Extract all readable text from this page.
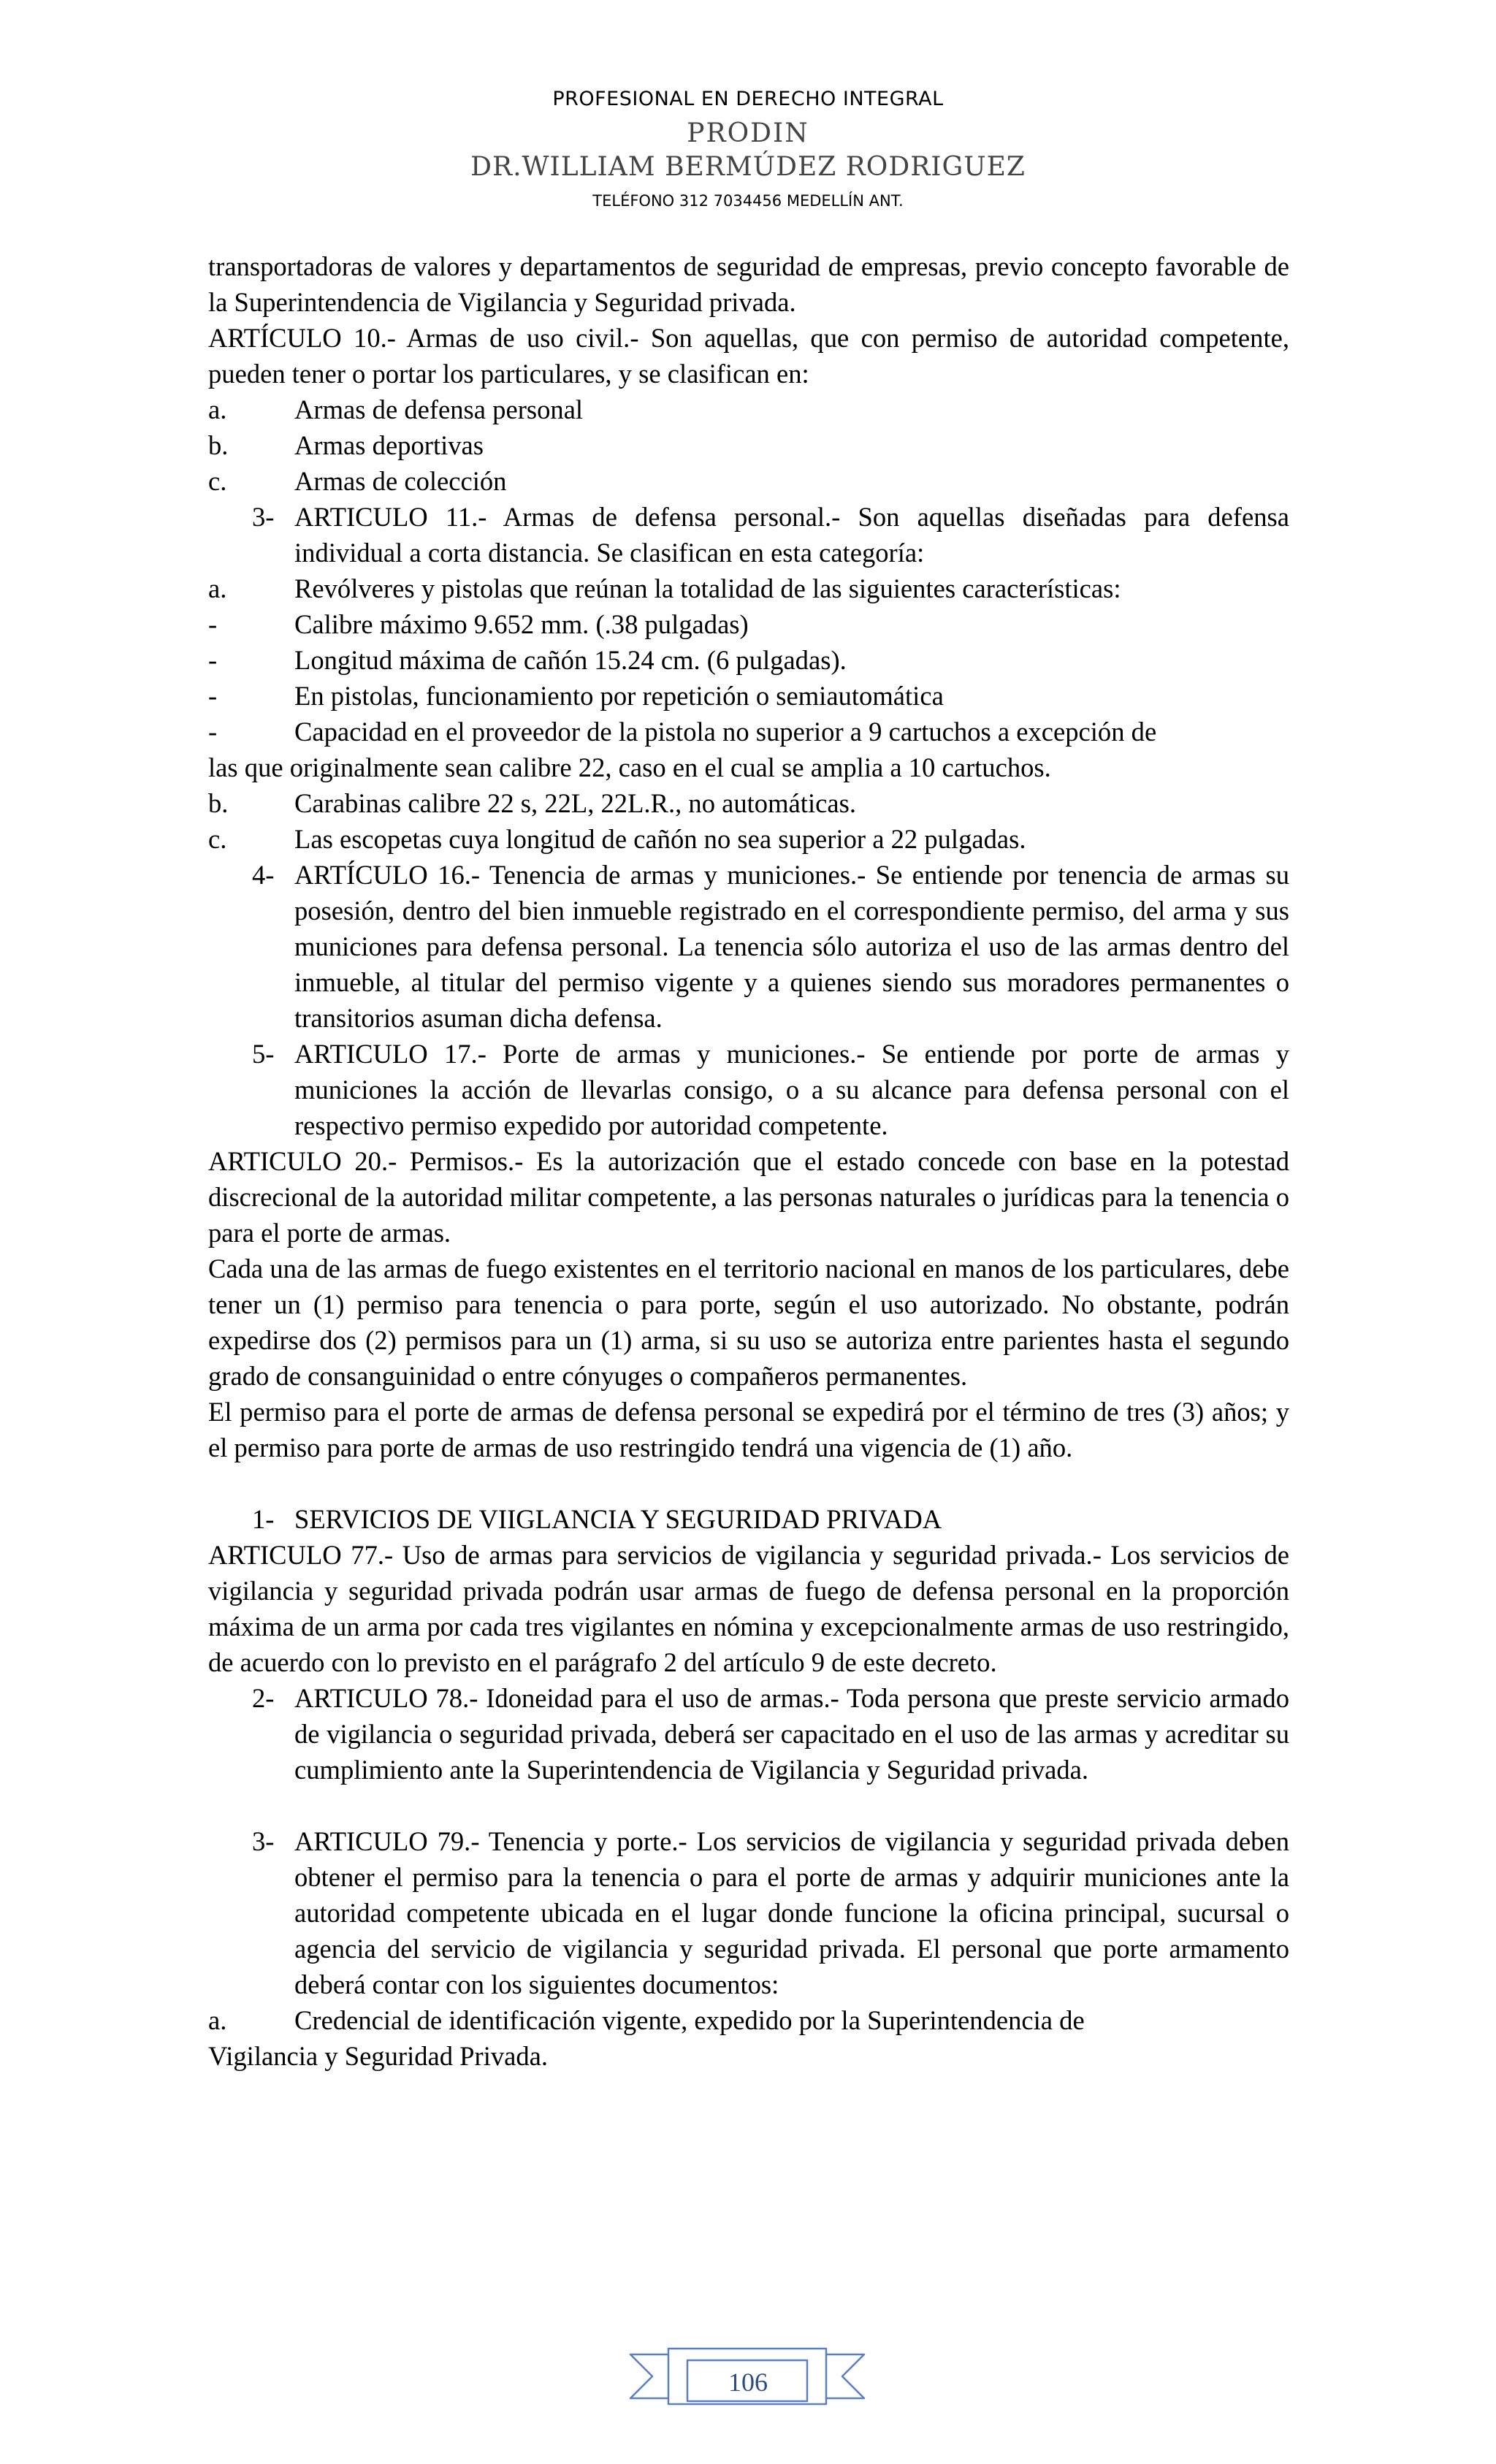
PROFESIONAL EN DERECHO INTEGRAL
PRODIN
DR.WILLIAM BERMÚDEZ RODRIGUEZ
TELÉFONO 312 7034456 MEDELLÍN ANT.
transportadoras de valores y departamentos de seguridad de empresas, previo concepto favorable de la Superintendencia de Vigilancia y Seguridad privada.
ARTÍCULO 10.- Armas de uso civil.- Son aquellas, que con permiso de autoridad competente, pueden tener o portar los particulares, y se clasifican en:
a.	Armas de defensa personal
b.	Armas deportivas
c.	Armas de colección
3- ARTICULO 11.- Armas de defensa personal.- Son aquellas diseñadas para defensa individual a corta distancia. Se clasifican en esta categoría:
a.	Revólveres y pistolas que reúnan la totalidad de las siguientes características:
-	Calibre máximo 9.652 mm. (.38 pulgadas)
-	Longitud máxima de cañón 15.24 cm. (6 pulgadas).
-	En pistolas, funcionamiento por repetición o semiautomática
-	Capacidad en el proveedor de la pistola no superior a 9 cartuchos a excepción de
las que originalmente sean calibre 22, caso en el cual se amplia a 10 cartuchos.
b.	Carabinas calibre 22 s, 22L, 22L.R., no automáticas.
c.	Las escopetas cuya longitud de cañón no sea superior a 22 pulgadas.
4- ARTÍCULO 16.- Tenencia de armas y municiones.- Se entiende por tenencia de armas su posesión, dentro del bien inmueble registrado en el correspondiente permiso, del arma y sus municiones para defensa personal. La tenencia sólo autoriza el uso de las armas dentro del inmueble, al titular del permiso vigente y a quienes siendo sus moradores permanentes o transitorios asuman dicha defensa.
5- ARTICULO 17.- Porte de armas y municiones.- Se entiende por porte de armas y municiones la acción de llevarlas consigo, o a su alcance para defensa personal con el respectivo permiso expedido por autoridad competente.
ARTICULO 20.- Permisos.- Es la autorización que el estado concede con base en la potestad discrecional de la autoridad militar competente, a las personas naturales o jurídicas para la tenencia o para el porte de armas.
Cada una de las armas de fuego existentes en el territorio nacional en manos de los particulares, debe tener un (1) permiso para tenencia o para porte, según el uso autorizado. No obstante, podrán expedirse dos (2) permisos para un (1) arma, si su uso se autoriza entre parientes hasta el segundo grado de consanguinidad o entre cónyuges o compañeros permanentes.
El permiso para el porte de armas de defensa personal se expedirá por el término de tres (3) años; y el permiso para porte de armas de uso restringido tendrá una vigencia de (1) año.
1- SERVICIOS DE VIIGLANCIA Y SEGURIDAD PRIVADA
ARTICULO 77.- Uso de armas para servicios de vigilancia y seguridad privada.- Los servicios de vigilancia y seguridad privada podrán usar armas de fuego de defensa personal en la proporción máxima de un arma por cada tres vigilantes en nómina y excepcionalmente armas de uso restringido, de acuerdo con lo previsto en el parágrafo 2 del artículo 9 de este decreto.
2- ARTICULO 78.- Idoneidad para el uso de armas.- Toda persona que preste servicio armado de vigilancia o seguridad privada, deberá ser capacitado en el uso de las armas y acreditar su cumplimiento ante la Superintendencia de Vigilancia y Seguridad privada.
3- ARTICULO 79.- Tenencia y porte.- Los servicios de vigilancia y seguridad privada deben obtener el permiso para la tenencia o para el porte de armas y adquirir municiones ante la autoridad competente ubicada en el lugar donde funcione la oficina principal, sucursal o agencia del servicio de vigilancia y seguridad privada. El personal que porte armamento deberá contar con los siguientes documentos:
a.	Credencial de identificación vigente, expedido por la Superintendencia de
Vigilancia y Seguridad Privada.
106
